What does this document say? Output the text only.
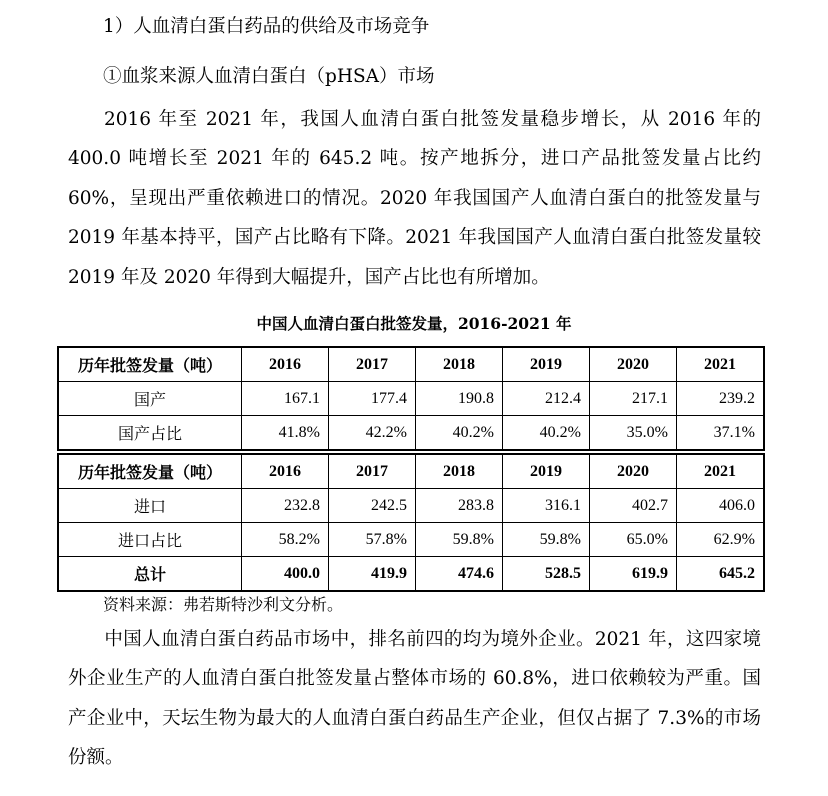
1）人血清白蛋白药品的供给及市场竞争
①血浆来源人血清白蛋白（pHSA）市场
2016 年至 2021 年，我国人血清白蛋白批签发量稳步增长，从 2016 年的 400.0 吨增长至 2021 年的 645.2 吨。按产地拆分，进口产品批签发量占比约 60%，呈现出严重依赖进口的情况。2020 年我国国产人血清白蛋白的批签发量与 2019 年基本持平，国产占比略有下降。2021 年我国国产人血清白蛋白批签发量较 2019 年及 2020 年得到大幅提升，国产占比也有所增加。
中国人血清白蛋白批签发量，2016-2021 年
历年批签发量（吨）	2016	2017	2018	2019	2020	2021
国产	167.1	177.4	190.8	212.4	217.1	239.2
国产占比	41.8%	42.2%	40.2%	40.2%	35.0%	37.1%
历年批签发量（吨）	2016	2017	2018	2019	2020	2021
进口	232.8	242.5	283.8	316.1	402.7	406.0
进口占比	58.2%	57.8%	59.8%	59.8%	65.0%	62.9%
总计	400.0	419.9	474.6	528.5	619.9	645.2
资料来源：弗若斯特沙利文分析。
中国人血清白蛋白药品市场中，排名前四的均为境外企业。2021 年，这四家境外企业生产的人血清白蛋白批签发量占整体市场的 60.8%，进口依赖较为严重。国产企业中，天坛生物为最大的人血清白蛋白药品生产企业，但仅占据了 7.3%的市场份额。
